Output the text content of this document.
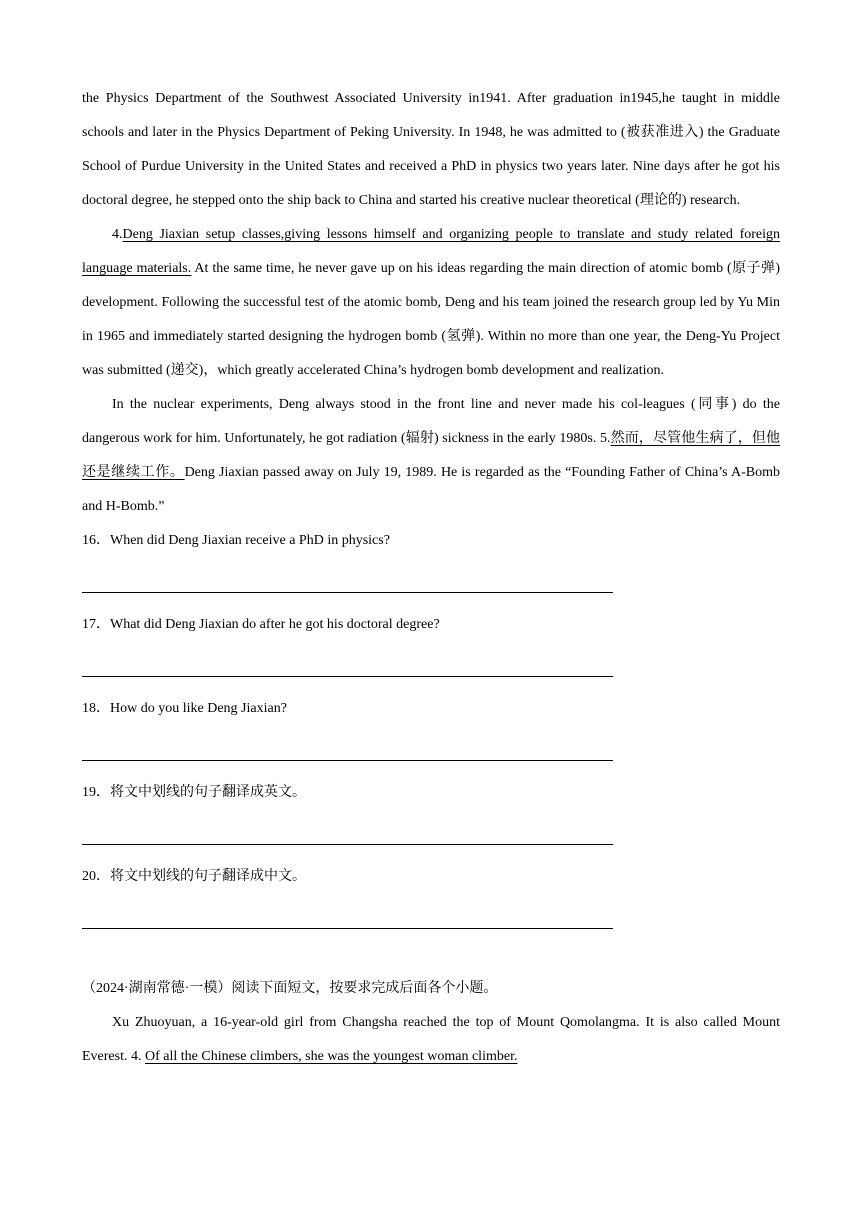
the Physics Department of the Southwest Associated University in1941. After graduation in1945,he taught in middle schools and later in the Physics Department of Peking University. In 1948, he was admitted to (被获准进入) the Graduate School of Purdue University in the United States and received a PhD in physics two years later. Nine days after he got his doctoral degree, he stepped onto the ship back to China and started his creative nuclear theoretical (理论的) research.

4.Deng Jiaxian setup classes,giving lessons himself and organizing people to translate and study related foreign language materials. At the same time, he never gave up on his ideas regarding the main direction of atomic bomb (原子弹) development. Following the successful test of the atomic bomb, Deng and his team joined the research group led by Yu Min in 1965 and immediately started designing the hydrogen bomb (氢弹). Within no more than one year, the Deng-Yu Project was submitted (递交)，which greatly accelerated China’s hydrogen bomb development and realization.

In the nuclear experiments, Deng always stood in the front line and never made his col-leagues (同事) do the dangerous work for him. Unfortunately, he got radiation (辐射) sickness in the early 1980s. 5.然而，尽管他生病了，但他还是继续工作。Deng Jiaxian passed away on July 19, 1989. He is regarded as the “Founding Father of China’s A-Bomb and H-Bomb.”

16．When did Deng Jiaxian receive a PhD in physics?

17．What did Deng Jiaxian do after he got his doctoral degree?

18．How do you like Deng Jiaxian?

19．将文中划线的句子翻译成英文。

20．将文中划线的句子翻译成中文。

（2024·湖南常德·一模）阅读下面短文，按要求完成后面各个小题。

Xu Zhuoyuan, a 16-year-old girl from Changsha reached the top of Mount Qomolangma. It is also called Mount Everest. 4. Of all the Chinese climbers, she was the youngest woman climber.
